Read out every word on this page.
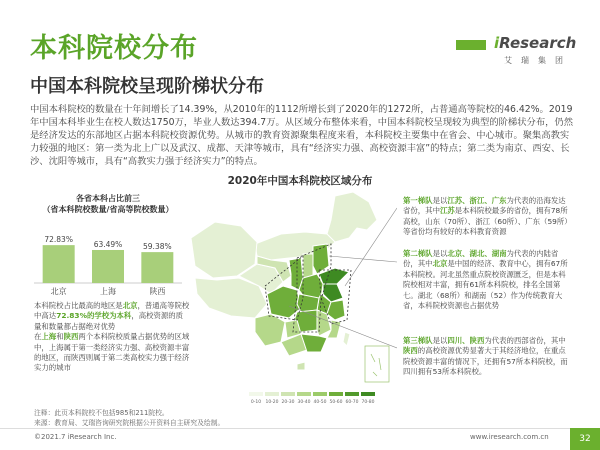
本科院校分布	iResearch
艾瑞集团
中国本科院校呈现阶梯状分布
中国本科院校的数量在十年间增长了14.39%，从2010年的1112所增长到了2020年的1272所，占普通高等院校的46.42%。2019年中国本科毕业生在校人数达1750万，毕业人数达394.7万。从区域分布整体来看，中国本科院校呈现较为典型的阶梯状分布，仍然是经济发达的东部地区占据本科院校资源优势。从城市的教育资源聚集程度来看，本科院校主要集中在省会、中心城市。聚集高教实力较强的地区：第一类为北上广以及武汉、成都、天津等城市，具有“经济实力强、高校资源丰富”的特点；第二类为南京、西安、长沙、沈阳等城市，具有“高教实力强于经济实力”的特点。
2020年中国本科院校区域分布
各省本科占比前三
（省本科院校数量/省高等院校数量）
72.83%
北京
63.49%
上海
59.38%
陕西

本科院校占比最高的地区是北京，普通高等院校中高达72.83%的学校为本科，高校资源的质量和数量都占据绝对优势

在上海和陕西两个本科院校质量占据优势的区域中，上海属于第一类经济实力强、高校资源丰富的地区，而陕西则属于第二类高校实力强于经济实力的城市

0-10 10-20 20-30 30-40 40-50 50-60 60-70 70-80
第一梯队是以江苏、浙江、广东为代表的沿海发达省份，其中江苏是本科院校最多的省份，拥有78所高校，山东（70所）、浙江（60所）、广东（59所）等省份均有较好的本科教育资源
第二梯队是以北京、湖北、湖南为代表的内陆省份，其中北京是中国的经济、教育中心，拥有67所本科院校。河北虽然重点院校资源匮乏，但是本科院校相对丰富，拥有61所本科院校，排名全国第七。湖北（68所）和湖南（52）作为传统教育大省，本科院校资源也占据优势
第三梯队是以四川、陕西为代表的西部省份，其中陕西的高校资源优势显著大于其经济地位，在重点院校资源丰富的情况下，还拥有57所本科院校，而四川拥有53所本科院校。
注释：此页本科院校不包括985和211院校。
来源：教育局、艾瑞咨询研究院根据公开资料自主研究及绘制。
©2021.7 iResearch Inc.	www.iresearch.com.cn	32
